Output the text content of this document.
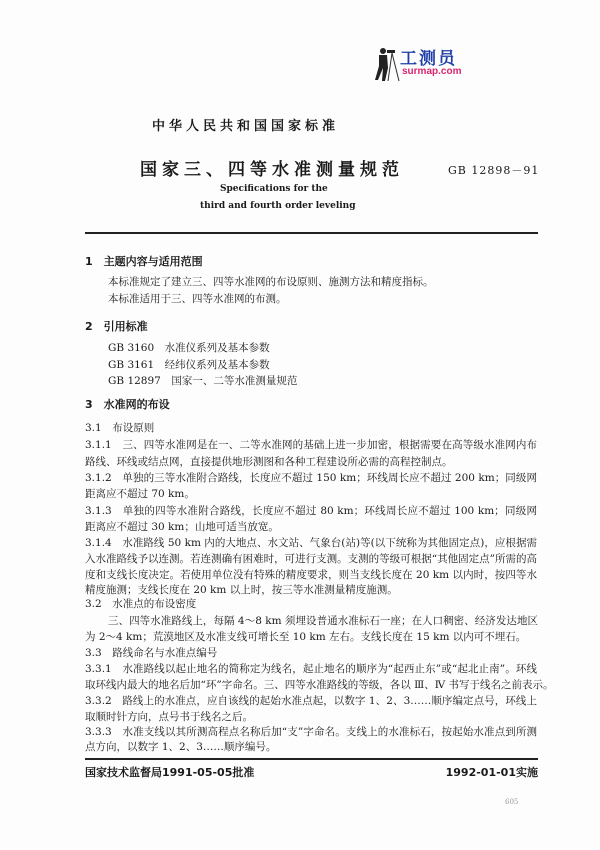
工测员
surmap.com
中华人民共和国国家标准
国家三、四等水准测量规范	GB 12898－91
Specifications for the
third and fourth order leveling
1　主题内容与适用范围
本标准规定了建立三、四等水准网的布设原则、施测方法和精度指标。
本标准适用于三、四等水准网的布测。
2　引用标准
GB 3160　水准仪系列及基本参数
GB 3161　经纬仪系列及基本参数
GB 12897　国家一、二等水准测量规范
3　水准网的布设
3.1　布设原则
3.1.1　三、四等水准网是在一、二等水准网的基础上进一步加密，根据需要在高等级水准网内布
路线、环线或结点网，直接提供地形测图和各种工程建设所必需的高程控制点。
3.1.2　单独的三等水准附合路线，长度应不超过 150 km；环线周长应不超过 200 km；同级网
距离应不超过 70 km。
3.1.3　单独的四等水准附合路线，长度应不超过 80 km；环线周长应不超过 100 km；同级网
距离应不超过 30 km；山地可适当放宽。
3.1.4　水准路线 50 km 内的大地点、水文站、气象台(站)等(以下统称为其他固定点)，应根据需
入水准路线予以连测。若连测确有困难时，可进行支测。支测的等级可根据“其他固定点”所需的高
度和支线长度决定。若使用单位没有特殊的精度要求，则当支线长度在 20 km 以内时，按四等水
精度施测；支线长度在 20 km 以上时，按三等水准测量精度施测。
3.2　水准点的布设密度
三、四等水准路线上，每隔 4～8 km 须埋设普通水准标石一座；在人口稠密、经济发达地区
为 2～4 km；荒漠地区及水准支线可增长至 10 km 左右。支线长度在 15 km 以内可不埋石。
3.3　路线命名与水准点编号
3.3.1　水准路线以起止地名的简称定为线名，起止地名的顺序为“起西止东”或“起北止南”。环线
取环线内最大的地名后加“环”字命名。三、四等水准路线的等级，各以 Ⅲ、Ⅳ 书写于线名之前表示。
3.3.2　路线上的水准点，应自该线的起始水准点起，以数字 1、2、3……顺序编定点号，环线上
取顺时针方向，点号书于线名之后。
3.3.3　水准支线以其所测高程点名称后加“支”字命名。支线上的水准标石，按起始水准点到所测
点方向，以数字 1、2、3……顺序编号。
国家技术监督局1991-05-05批准	1992-01-01实施
605
